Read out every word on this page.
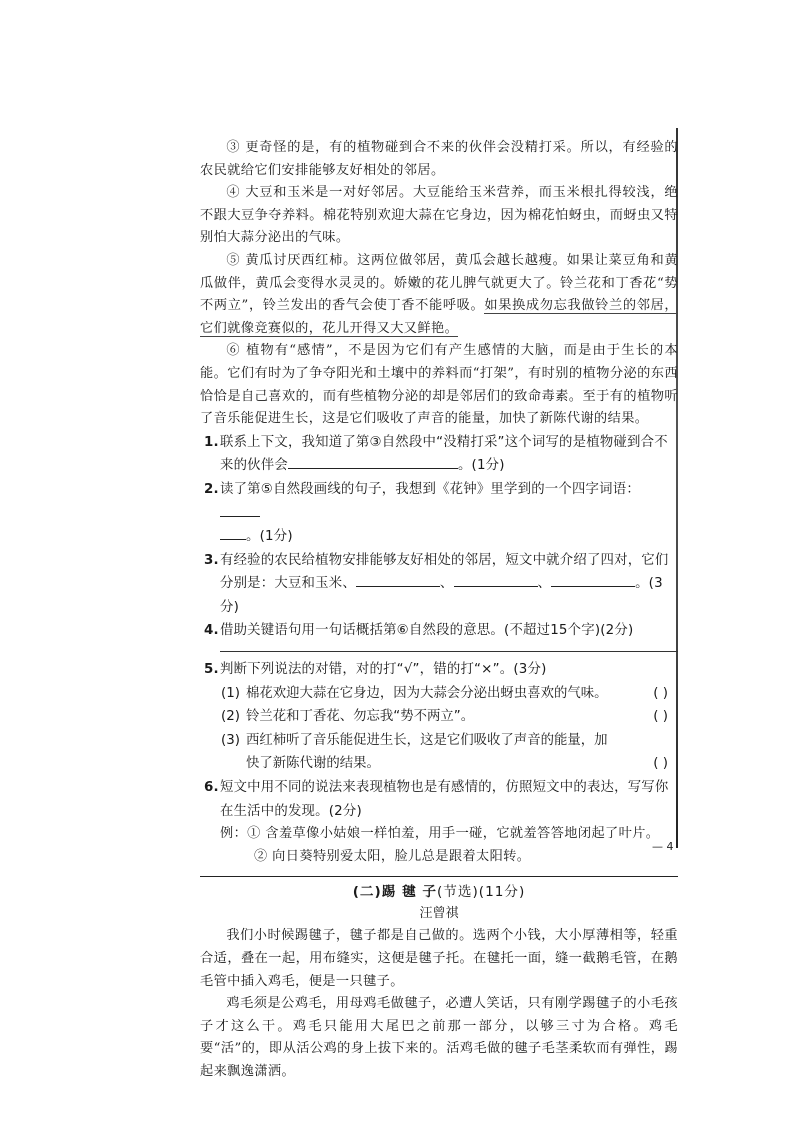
③ 更奇怪的是，有的植物碰到合不来的伙伴会没精打采。所以，有经验的农民就给它们安排能够友好相处的邻居。

④ 大豆和玉米是一对好邻居。大豆能给玉米营养，而玉米根扎得较浅，绝不跟大豆争夺养料。棉花特别欢迎大蒜在它身边，因为棉花怕蚜虫，而蚜虫又特别怕大蒜分泌出的气味。

⑤ 黄瓜讨厌西红柿。这两位做邻居，黄瓜会越长越瘦。如果让菜豆角和黄瓜做伴，黄瓜会变得水灵灵的。娇嫩的花儿脾气就更大了。铃兰花和丁香花“势不两立”，铃兰发出的香气会使丁香不能呼吸。如果换成勿忘我做铃兰的邻居，它们就像竞赛似的，花儿开得又大又鲜艳。

⑥ 植物有“感情”，不是因为它们有产生感情的大脑，而是由于生长的本能。它们有时为了争夺阳光和土壤中的养料而“打架”，有时别的植物分泌的东西恰恰是自己喜欢的，而有些植物分泌的却是邻居们的致命毒素。至于有的植物听了音乐能促进生长，这是它们吸收了声音的能量，加快了新陈代谢的结果。

1. 联系上下文，我知道了第③自然段中“没精打采”这个词写的是植物碰到合不来的伙伴会	。(1分)

2. 读了第⑤自然段画线的句子，我想到《花钟》里学到的一个四字词语：
。(1分)

3. 有经验的农民给植物安排能够友好相处的邻居，短文中就介绍了四对，它们分别是：大豆和玉米、	、	、	。(3分)

4. 借助关键语句用一句话概括第⑥自然段的意思。(不超过15个字)(2分)

5. 判断下列说法的对错，对的打“√”，错的打“×”。(3分)

(1) 棉花欢迎大蒜在它身边，因为大蒜会分泌出蚜虫喜欢的气味。	( )

(2) 铃兰花和丁香花、勿忘我“势不两立”。	( )

(3) 西红柿听了音乐能促进生长，这是它们吸收了声音的能量，加快了新陈代谢的结果。	( )

6. 短文中用不同的说法来表现植物也是有感情的，仿照短文中的表达，写写你在生活中的发现。(2分)

例：① 含羞草像小姑娘一样怕羞，用手一碰，它就羞答答地闭起了叶片。
② 向日葵特别爱太阳，脸儿总是跟着太阳转。

(二)踢 毽 子(节选)(11分)

汪曾祺

我们小时候踢毽子，毽子都是自己做的。选两个小钱，大小厚薄相等，轻重合适，叠在一起，用布缝实，这便是毽子托。在毽托一面，缝一截鹅毛管，在鹅毛管中插入鸡毛，便是一只毽子。

鸡毛须是公鸡毛，用母鸡毛做毽子，必遭人笑话，只有刚学踢毽子的小毛孩子才这么干。鸡毛只能用大尾巴之前那一部分，以够三寸为合格。鸡毛要“活”的，即从活公鸡的身上拔下来的。活鸡毛做的毽子毛茎柔软而有弹性，踢起来飘逸潇洒。

— 4
